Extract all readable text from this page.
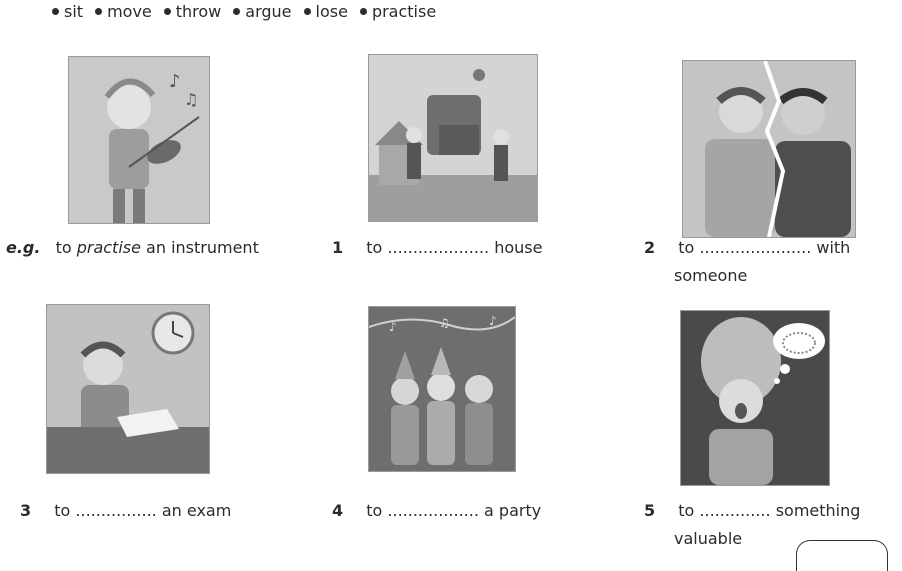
sit move throw argue lose practise
♪
♫
♪	♫	♪
e.g. to practise an instrument	1 to .................... house	2 to ...................... with
someone
3 to ................ an exam	4 to .................. a party	5 to .............. something
valuable
